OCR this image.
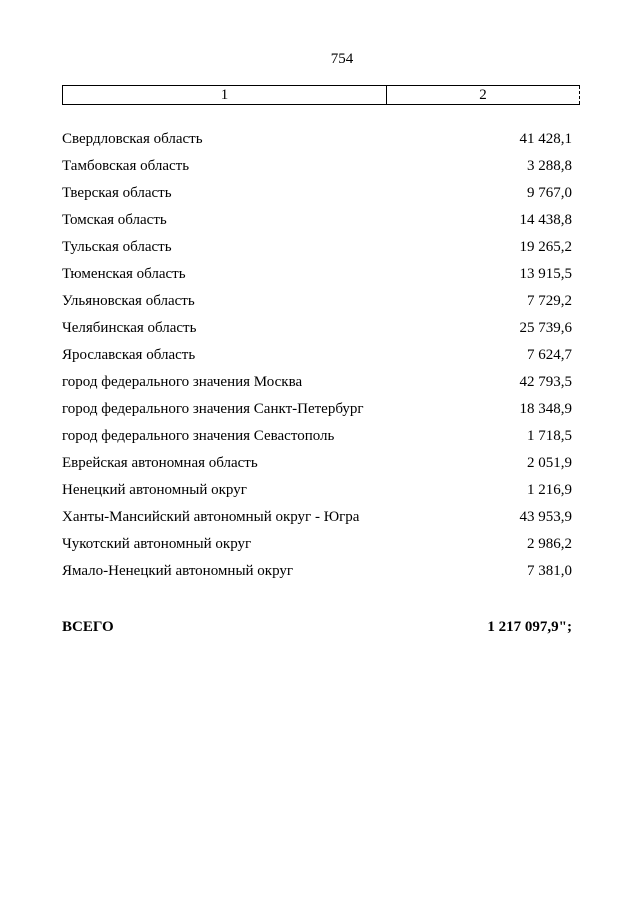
754
1	2
Свердловская область	41 428,1
Тамбовская область	3 288,8
Тверская область	9 767,0
Томская область	14 438,8
Тульская область	19 265,2
Тюменская область	13 915,5
Ульяновская область	7 729,2
Челябинская область	25 739,6
Ярославская область	7 624,7
город федерального значения Москва	42 793,5
город федерального значения Санкт-Петербург	18 348,9
город федерального значения Севастополь	1 718,5
Еврейская автономная область	2 051,9
Ненецкий автономный округ	1 216,9
Ханты-Мансийский автономный округ - Югра	43 953,9
Чукотский автономный округ	2 986,2
Ямало-Ненецкий автономный округ	7 381,0
ВСЕГО	1 217 097,9";
